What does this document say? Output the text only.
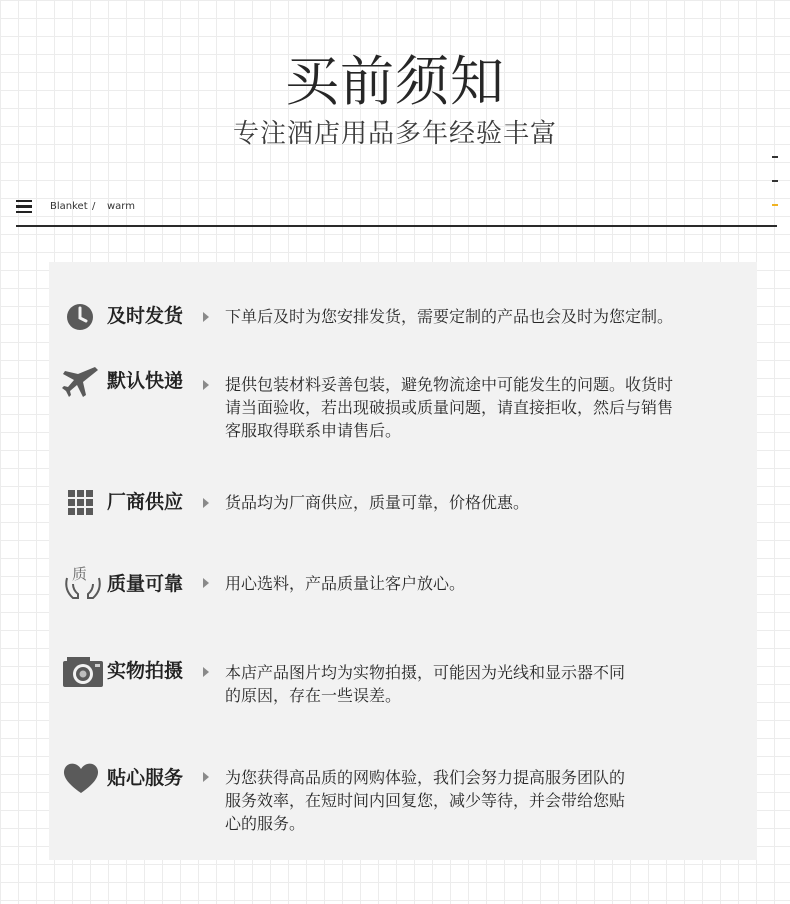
买前须知
专注酒店用品多年经验丰富
Blanket / warm
及时发货	下单后及时为您安排发货，需要定制的产品也会及时为您定制。
默认快递	提供包装材料妥善包装，避免物流途中可能发生的问题。收货时
请当面验收，若出现破损或质量问题，请直接拒收，然后与销售
客服取得联系申请售后。
厂商供应	货品均为厂商供应，质量可靠，价格优惠。
质 质量可靠	用心选料，产品质量让客户放心。
实物拍摄	本店产品图片均为实物拍摄，可能因为光线和显示器不同
的原因，存在一些误差。
贴心服务	为您获得高品质的网购体验，我们会努力提高服务团队的
服务效率，在短时间内回复您，减少等待，并会带给您贴
心的服务。
